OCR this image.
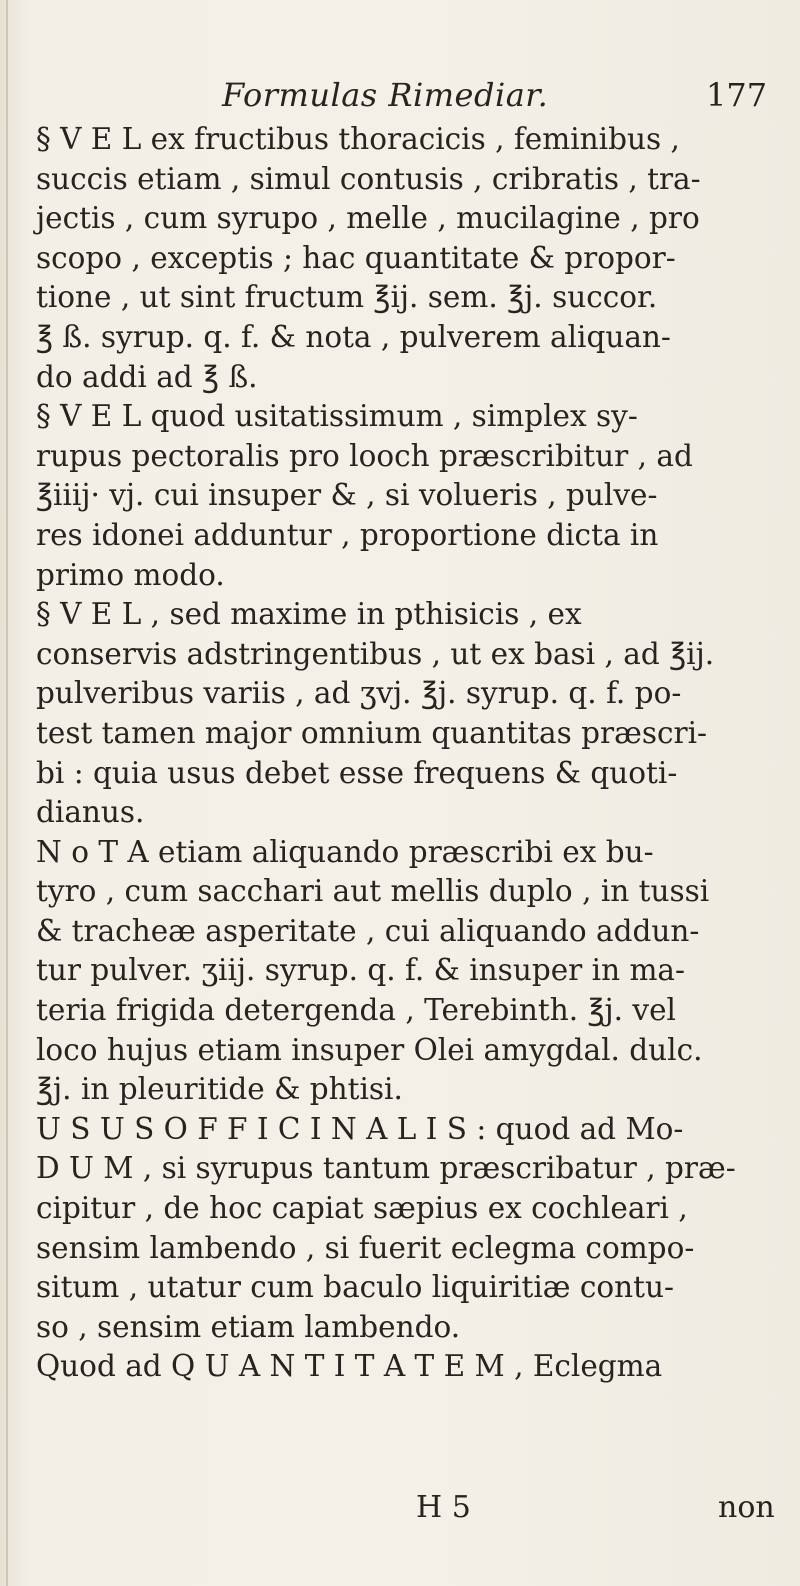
Formulas Rimediar.	177
§ V E L ex fructibus thoracicis , feminibus ,
succis etiam , simul contusis , cribratis , tra-
jectis , cum syrupo , melle , mucilagine , pro
scopo , exceptis ; hac quantitate & propor-
tione , ut sint fructum ℥ij. sem. ℥j. succor.
℥ ß. syrup. q. f. & nota , pulverem aliquan-
do addi ad ℥ ß.
§ V E L quod usitatissimum , simplex sy-
rupus pectoralis pro looch præscribitur , ad
℥iiij· vj. cui insuper & , si volueris , pulve-
res idonei adduntur , proportione dicta in
primo modo.
§ V E L , sed maxime in pthisicis , ex
conservis adstringentibus , ut ex basi , ad ℥ij.
pulveribus variis , ad ʒvj. ℥j. syrup. q. f. po-
test tamen major omnium quantitas præscri-
bi : quia usus debet esse frequens & quoti-
dianus.
N o T A etiam aliquando præscribi ex bu-
tyro , cum sacchari aut mellis duplo , in tussi
& tracheæ asperitate , cui aliquando addun-
tur pulver. ʒiij. syrup. q. f. & insuper in ma-
teria frigida detergenda , Terebinth. ℥j. vel
loco hujus etiam insuper Olei amygdal. dulc.
℥j. in pleuritide & phtisi.
U S U S O F F I C I N A L I S : quod ad Mo-
D U M , si syrupus tantum præscribatur , præ-
cipitur , de hoc capiat sæpius ex cochleari ,
sensim lambendo , si fuerit eclegma compo-
situm , utatur cum baculo liquiritiæ contu-
so , sensim etiam lambendo.
Quod ad Q U A N T I T A T E M , Eclegma
H 5	non
